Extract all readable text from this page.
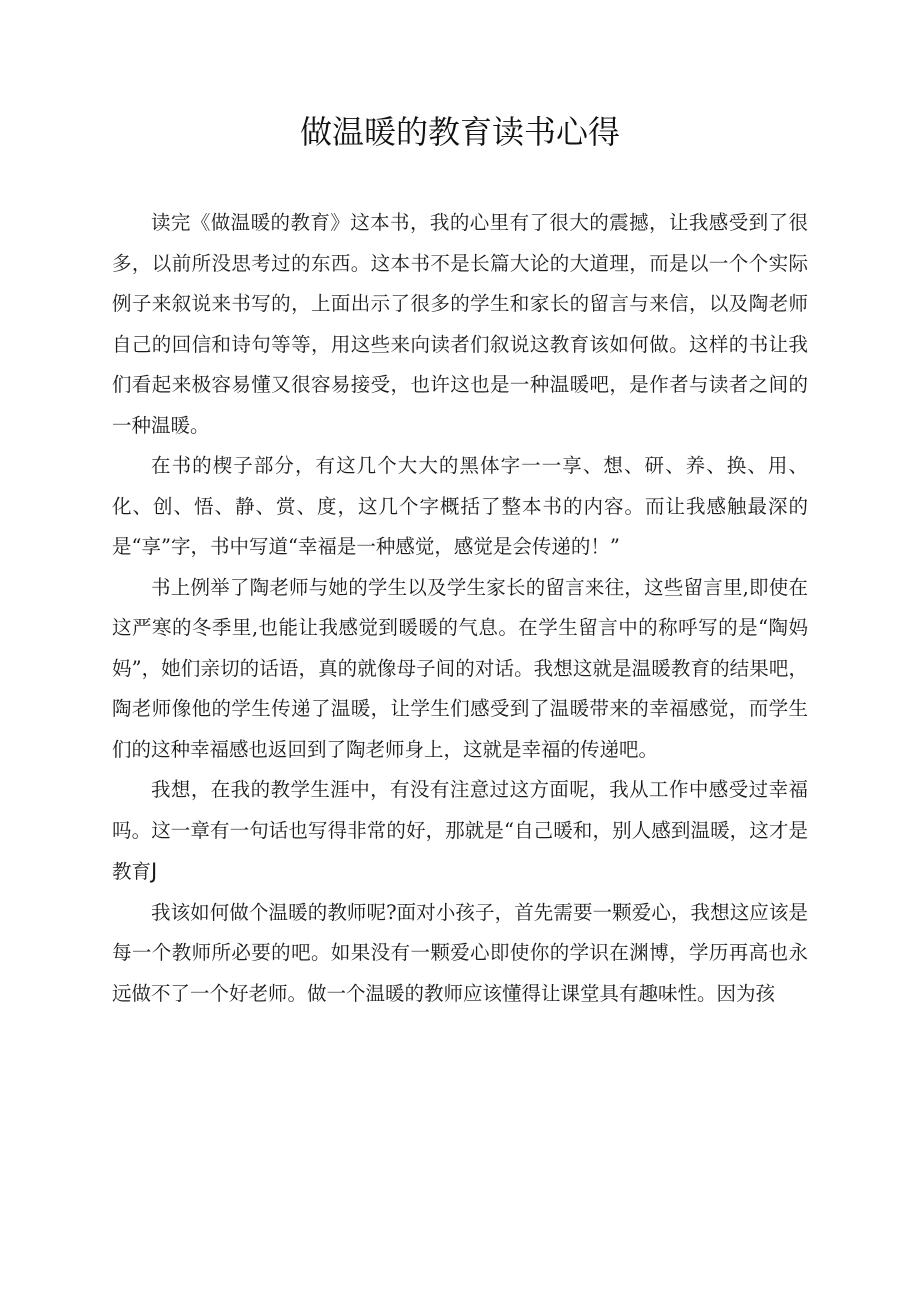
做温暖的教育读书心得

读完《做温暖的教育》这本书，我的心里有了很大的震撼，让我感受到了很多，以前所没思考过的东西。这本书不是长篇大论的大道理，而是以一个个实际例子来叙说来书写的，上面出示了很多的学生和家长的留言与来信，以及陶老师自己的回信和诗句等等，用这些来向读者们叙说这教育该如何做。这样的书让我们看起来极容易懂又很容易接受，也许这也是一种温暖吧，是作者与读者之间的一种温暖。

在书的楔子部分，有这几个大大的黑体字一一享、想、研、养、换、用、化、创、悟、静、赏、度，这几个字概括了整本书的内容。而让我感触最深的是“享”字，书中写道“幸福是一种感觉，感觉是会传递的！”

书上例举了陶老师与她的学生以及学生家长的留言来往，这些留言里,即使在这严寒的冬季里,也能让我感觉到暖暖的气息。在学生留言中的称呼写的是“陶妈妈”，她们亲切的话语，真的就像母子间的对话。我想这就是温暖教育的结果吧，陶老师像他的学生传递了温暖，让学生们感受到了温暖带来的幸福感觉，而学生们的这种幸福感也返回到了陶老师身上，这就是幸福的传递吧。

我想，在我的教学生涯中，有没有注意过这方面呢，我从工作中感受过幸福吗。这一章有一句话也写得非常的好，那就是“自己暖和，别人感到温暖，这才是教育J

我该如何做个温暖的教师呢?面对小孩子，首先需要一颗爱心，我想这应该是每一个教师所必要的吧。如果没有一颗爱心即使你的学识在渊博，学历再高也永远做不了一个好老师。做一个温暖的教师应该懂得让课堂具有趣味性。因为孩
